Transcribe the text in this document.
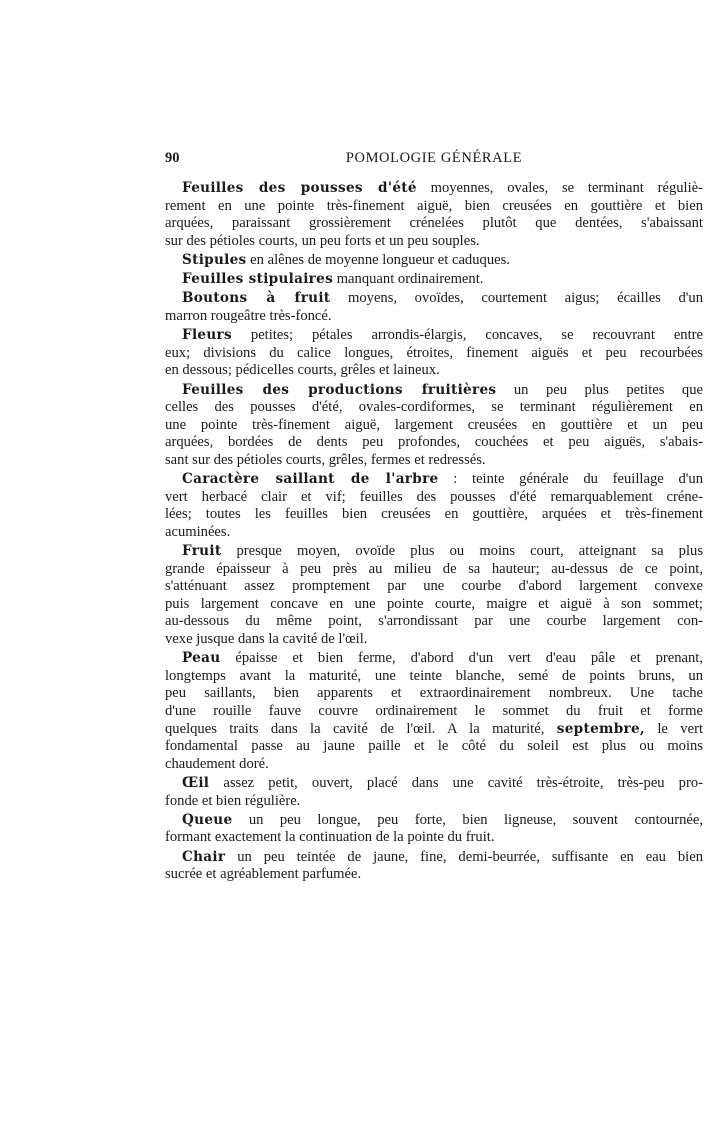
90	POMOLOGIE GÉNÉRALE
Feuilles des pousses d'été moyennes, ovales, se terminant réguliè-
rement en une pointe très-finement aiguë, bien creusées en gouttière et bien
arquées, paraissant grossièrement crénelées plutôt que dentées, s'abaissant
sur des pétioles courts, un peu forts et un peu souples.
Stipules en alênes de moyenne longueur et caduques.
Feuilles stipulaires manquant ordinairement.
Boutons à fruit moyens, ovoïdes, courtement aigus; écailles d'un
marron rougeâtre très-foncé.
Fleurs petites; pétales arrondis-élargis, concaves, se recouvrant entre
eux; divisions du calice longues, étroites, finement aiguës et peu recourbées
en dessous; pédicelles courts, grêles et laineux.
Feuilles des productions fruitières un peu plus petites que
celles des pousses d'été, ovales-cordiformes, se terminant régulièrement en
une pointe très-finement aiguë, largement creusées en gouttière et un peu
arquées, bordées de dents peu profondes, couchées et peu aiguës, s'abais-
sant sur des pétioles courts, grêles, fermes et redressés.
Caractère saillant de l'arbre : teinte générale du feuillage d'un
vert herbacé clair et vif; feuilles des pousses d'été remarquablement créne-
lées; toutes les feuilles bien creusées en gouttière, arquées et très-finement
acuminées.
Fruit presque moyen, ovoïde plus ou moins court, atteignant sa plus
grande épaisseur à peu près au milieu de sa hauteur; au-dessus de ce point,
s'atténuant assez promptement par une courbe d'abord largement convexe
puis largement concave en une pointe courte, maigre et aiguë à son sommet;
au-dessous du même point, s'arrondissant par une courbe largement con-
vexe jusque dans la cavité de l'œil.
Peau épaisse et bien ferme, d'abord d'un vert d'eau pâle et prenant,
longtemps avant la maturité, une teinte blanche, semé de points bruns, un
peu saillants, bien apparents et extraordinairement nombreux. Une tache
d'une rouille fauve couvre ordinairement le sommet du fruit et forme
quelques traits dans la cavité de l'œil. A la maturité, septembre, le vert
fondamental passe au jaune paille et le côté du soleil est plus ou moins
chaudement doré.
Œil assez petit, ouvert, placé dans une cavité très-étroite, très-peu pro-
fonde et bien régulière.
Queue un peu longue, peu forte, bien ligneuse, souvent contournée,
formant exactement la continuation de la pointe du fruit.
Chair un peu teintée de jaune, fine, demi-beurrée, suffisante en eau bien
sucrée et agréablement parfumée.
